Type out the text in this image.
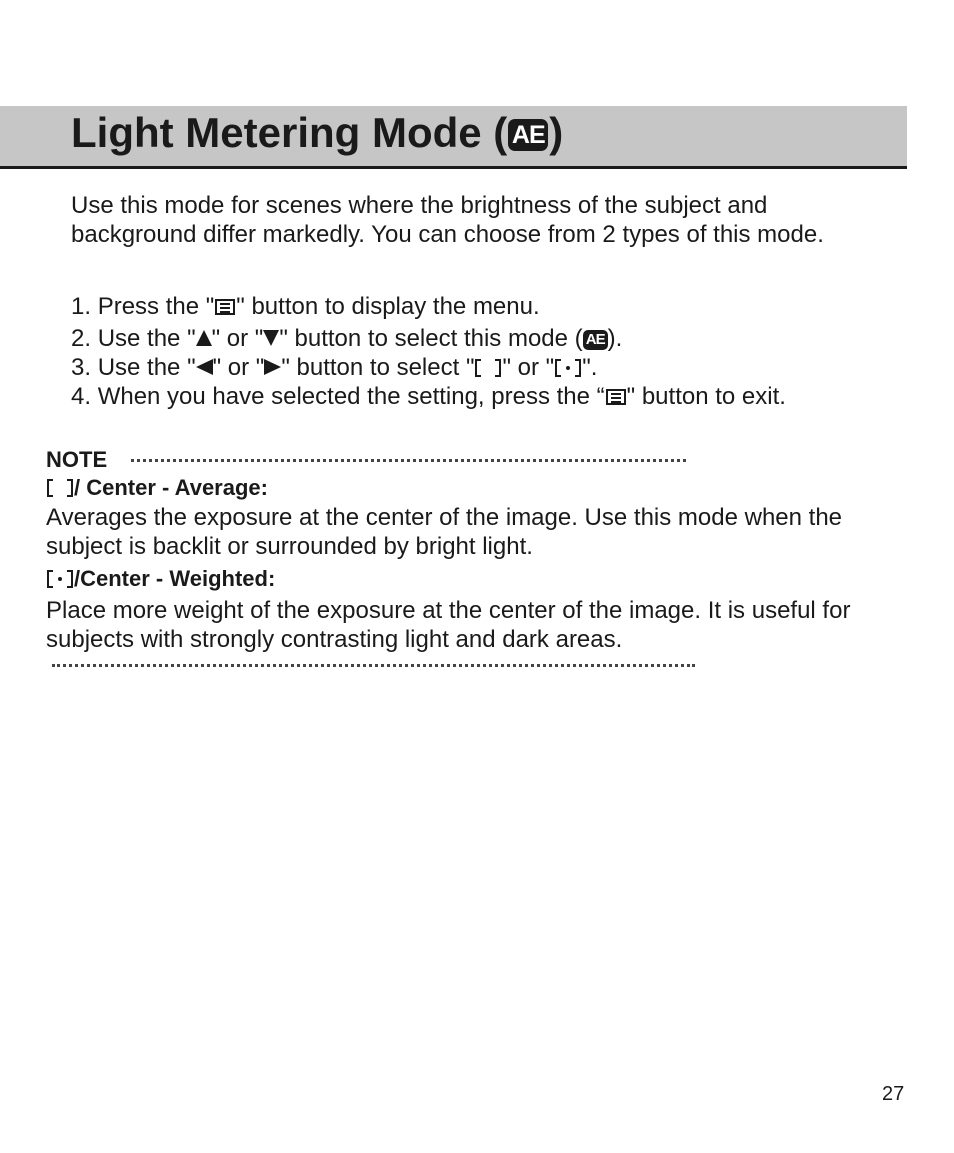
Light Metering Mode ( AE )

Use this mode for scenes where the brightness of the subject and background differ markedly. You can choose from 2 types of this mode.

1. Press the " " button to display the menu.

2. Use the " " or " " button to select this mode ( AE ).

3. Use the " " or " " button to select " " or " ".

4. When you have selected the setting, press the “ " button to exit.

NOTE

/ Center - Average:

Averages the exposure at the center of the image. Use this mode when the subject is backlit or surrounded by bright light.

/Center - Weighted:

Place more weight of the exposure at the center of the image. It is useful for subjects with strongly contrasting light and dark areas.

27
